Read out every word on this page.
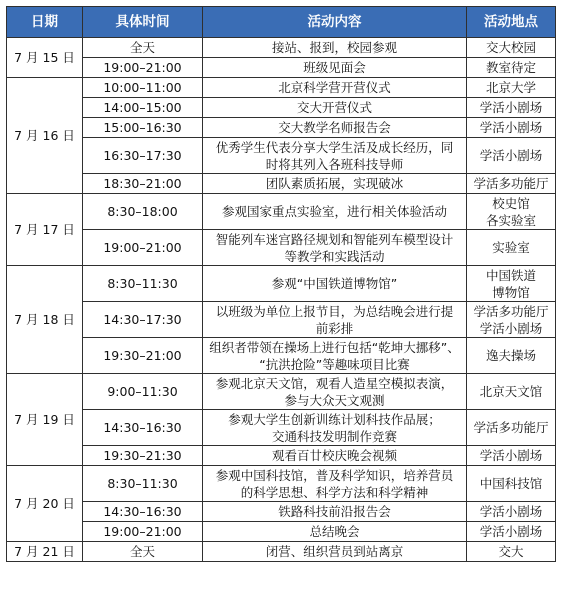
日期	具体时间	活动内容	活动地点
7 月 15 日	全天	接站、报到，校园参观	交大校园

	19:00–21:00	班级见面会	教室待定

7 月 16 日	10:00–11:00	北京科学营开营仪式	北京大学

	14:00–15:00	交大开营仪式	学活小剧场

	15:00–16:30	交大教学名师报告会	学活小剧场

	16:30–17:30	优秀学生代表分享大学生活及成长经历，同
时将其列入各班科技导师	学活小剧场

	18:30–21:00	团队素质拓展，实现破冰	学活多功能厅

7 月 17 日	8:30–18:00	参观国家重点实验室，进行相关体验活动	校史馆
各实验室

	19:00–21:00	智能列车迷宫路径规划和智能列车模型设计
等教学和实践活动	实验室

7 月 18 日	8:30–11:30	参观“中国铁道博物馆”	中国铁道
博物馆

	14:30–17:30	以班级为单位上报节目，为总结晚会进行提
前彩排	学活多功能厅
学活小剧场

	19:30–21:00	组织者带领在操场上进行包括“乾坤大挪移”、
“抗洪抢险”等趣味项目比赛	逸夫操场

7 月 19 日	9:00–11:30	参观北京天文馆，观看人造星空模拟表演，
参与大众天文观测	北京天文馆

	14:30–16:30	参观大学生创新训练计划科技作品展；
交通科技发明制作竞赛	学活多功能厅

	19:30–21:30	观看百廿校庆晚会视频	学活小剧场

7 月 20 日	8:30–11:30	参观中国科技馆，普及科学知识，培养营员
的科学思想、科学方法和科学精神	中国科技馆

	14:30–16:30	铁路科技前沿报告会	学活小剧场

	19:00–21:00	总结晚会	学活小剧场

7 月 21 日	全天	闭营、组织营员到站离京	交大
